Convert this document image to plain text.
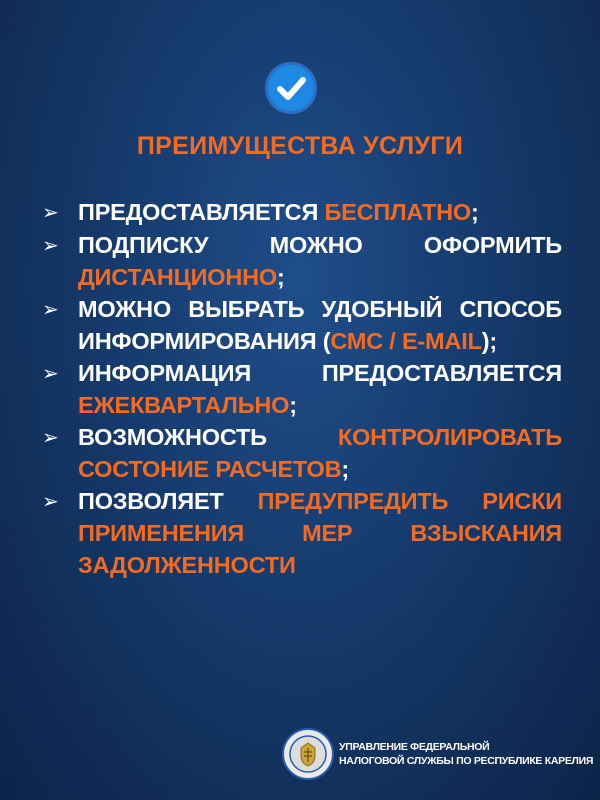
ПРЕИМУЩЕСТВА УСЛУГИ
➢ ПРЕДОСТАВЛЯЕТСЯ БЕСПЛАТНО;
➢ ПОДПИСКУ МОЖНО ОФОРМИТЬ
ДИСТАНЦИОННО;
➢ МОЖНО ВЫБРАТЬ УДОБНЫЙ СПОСОБ
ИНФОРМИРОВАНИЯ (СМС / E-MAIL);
➢ ИНФОРМАЦИЯ ПРЕДОСТАВЛЯЕТСЯ
ЕЖЕКВАРТАЛЬНО;
➢ ВОЗМОЖНОСТЬ	КОНТРОЛИРОВАТЬ СОСТОНИЕ РАСЧЕТОВ;
➢ ПОЗВОЛЯЕТ ПРЕДУПРЕДИТЬ РИСКИ ПРИМЕНЕНИЯ МЕР ВЗЫСКАНИЯ ЗАДОЛЖЕННОСТИ
УПРАВЛЕНИЕ ФЕДЕРАЛЬНОЙ
НАЛОГОВОЙ СЛУЖБЫ ПО РЕСПУБЛИКЕ КАРЕЛИЯ
